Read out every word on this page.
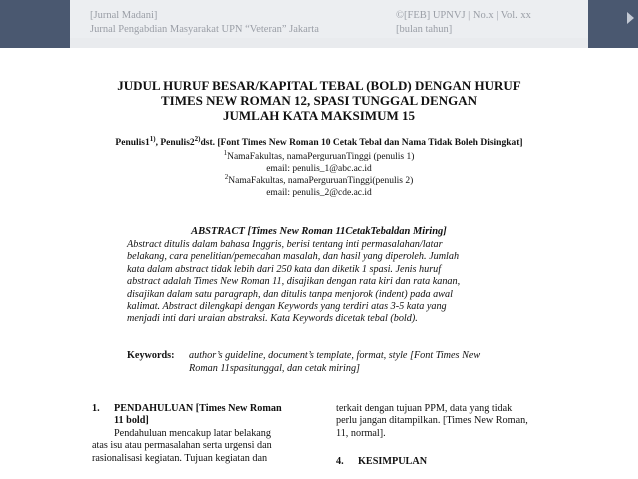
[Jurnal Madani]
Jurnal Pengabdian Masyarakat UPN “Veteran” Jakarta
©[FEB] UPNVJ | No.x | Vol. xx
[bulan tahun]
JUDUL HURUF BESAR/KAPITAL TEBAL (BOLD) DENGAN HURUF
TIMES NEW ROMAN 12, SPASI TUNGGAL DENGAN
JUMLAH KATA MAKSIMUM 15
Penulis1$^{1)}$, Penulis2$^{2)}$dst. [Font Times New Roman 10 Cetak Tebal dan Nama Tidak Boleh Disingkat]
$^1$NamaFakultas, namaPerguruanTinggi (penulis 1)
email: penulis_1@abc.ac.id
$^2$NamaFakultas, namaPerguruanTinggi(penulis 2)
email: penulis_2@cde.ac.id
ABSTRACT [Times New Roman 11CetakTebaldan Miring]
Abstract ditulis dalam bahasa Inggris, berisi tentang inti permasalahan/latar
belakang, cara penelitian/pemecahan masalah, dan hasil yang diperoleh. Jumlah
kata dalam abstract tidak lebih dari 250 kata dan diketik 1 spasi. Jenis huruf
abstract adalah Times New Roman 11, disajikan dengan rata kiri dan rata kanan,
disajikan dalam satu paragraph, dan ditulis tanpa menjorok (indent) pada awal
kalimat. Abstract dilengkapi dengan Keywords yang terdiri atas 3-5 kata yang
menjadi inti dari uraian abstraksi. Kata Keywords dicetak tebal (bold).
Keywords: author’s guideline, document’s template, format, style [Font Times New
Roman 11spasitunggal, dan cetak miring]
1. PENDAHULUAN [Times New Roman
11 bold]
Pendahuluan mencakup latar belakang
atas isu atau permasalahan serta urgensi dan
rasionalisasi kegiatan. Tujuan kegiatan dan
terkait dengan tujuan PPM, data yang tidak
perlu jangan ditampilkan. [Times New Roman,
11, normal].
4. KESIMPULAN
